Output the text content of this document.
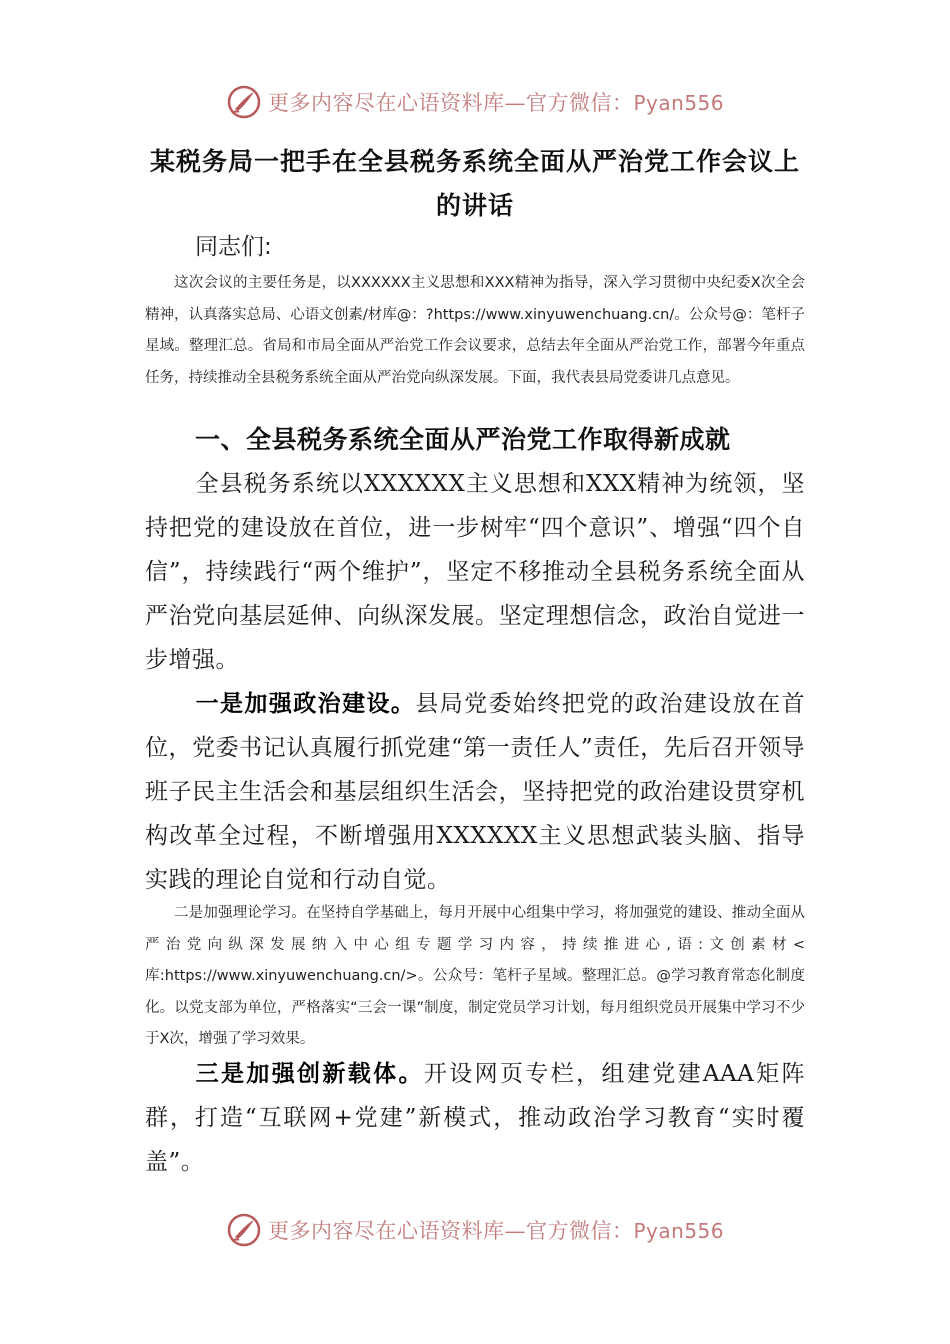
更多内容尽在心语资料库—官方微信：Pyan556
某税务局一把手在全县税务系统全面从严治党工作会议上
的讲话
同志们:

这次会议的主要任务是，以XXXXXX主义思想和XXX精神为指导，深入学习贯彻中央纪委X次全会精神，认真落实总局、心语文创素/材库@：?https://www.xinyuwenchuang.cn/。公众号@：笔杆子星域。整理汇总。省局和市局全面从严治党工作会议要求，总结去年全面从严治党工作，部署今年重点任务，持续推动全县税务系统全面从严治党向纵深发展。下面，我代表县局党委讲几点意见。

一、全县税务系统全面从严治党工作取得新成就

全县税务系统以XXXXXX主义思想和XXX精神为统领，坚持把党的建设放在首位，进一步树牢“四个意识”、增强“四个自信”，持续践行“两个维护”，坚定不移推动全县税务系统全面从严治党向基层延伸、向纵深发展。坚定理想信念，政治自觉进一步增强。

一是加强政治建设。县局党委始终把党的政治建设放在首位，党委书记认真履行抓党建“第一责任人”责任，先后召开领导班子民主生活会和基层组织生活会，坚持把党的政治建设贯穿机构改革全过程，不断增强用XXXXXX主义思想武装头脑、指导实践的理论自觉和行动自觉。

二是加强理论学习。在坚持自学基础上，每月开展中心组集中学习，将加强党的建设、推动全面从严治党向纵深发展纳入中心组专题学习内容，持续推进心,语:文创素材<库:https://www.xinyuwenchuang.cn/>。公众号：笔杆子星域。整理汇总。@学习教育常态化制度化。以党支部为单位，严格落实“三会一课”制度，制定党员学习计划，每月组织党员开展集中学习不少于X次，增强了学习效果。

三是加强创新载体。开设网页专栏，组建党建AAA矩阵群，打造“互联网+党建”新模式，推动政治学习教育“实时覆盖”。

更多内容尽在心语资料库—官方微信：Pyan556
